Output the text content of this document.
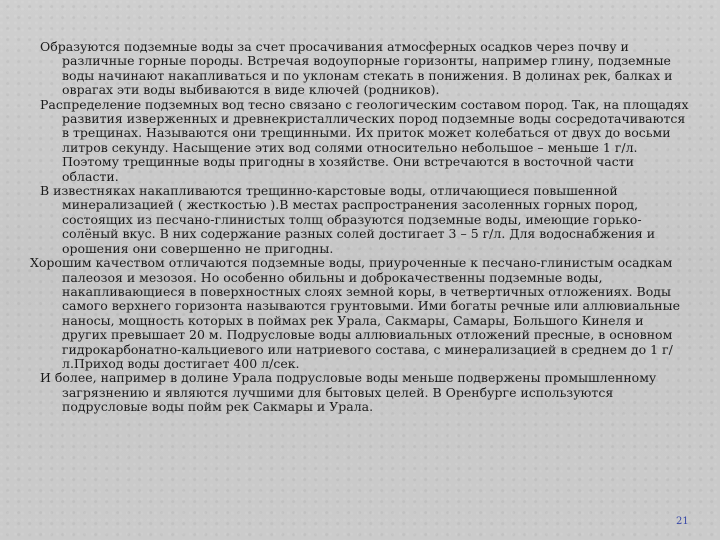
Образуются подземные воды за счет просачивания атмосферных осадков через почву и различные горные породы. Встречая водоупорные горизонты, например глину, подземные воды начинают накапливаться и по уклонам стекать в понижения. В долинах рек, балках и оврагах эти воды выбиваются в виде ключей (родников).

Распределение подземных вод тесно связано с геологическим составом пород. Так, на площадях развития изверженных и древнекристаллических пород подземные воды сосредотачиваются в трещинах. Называются они трещинными. Их приток может колебаться от двух до восьми литров секунду. Насыщение этих вод солями относительно небольшое – меньше 1 г/л. Поэтому трещинные воды пригодны в хозяйстве. Они встречаются в восточной части области.

В известняках накапливаются трещинно-карстовые воды, отличающиеся повышенной минерализацией ( жесткостью ).В местах распространения засоленных горных пород, состоящих из песчано-глинистых толщ образуются подземные воды, имеющие горько-солёный вкус. В них содержание разных солей достигает 3 – 5 г/л. Для водоснабжения и орошения они совершенно не пригодны.

Хорошим качеством отличаются подземные воды, приуроченные к песчано-глинистым осадкам палеозоя и мезозоя. Но особенно обильны и доброкачественны подземные воды, накапливающиеся в поверхностных слоях земной коры, в четвертичных отложениях. Воды самого верхнего горизонта называются грунтовыми. Ими богаты речные или аллювиальные наносы, мощность которых в поймах рек Урала, Сакмары, Самары, Большого Кинеля и других превышает 20 м. Подрусловые воды аллювиальных отложений пресные, в основном гидрокарбонатно-кальциевого или натриевого состава, с минерализацией в среднем до 1 г/л.Приход воды достигает 400 л/сек.

И более, например в долине Урала подрусловые воды меньше подвержены промышленному загрязнению и являются лучшими для бытовых целей. В Оренбурге используются подрусловые воды пойм рек Сакмары и Урала.

21
